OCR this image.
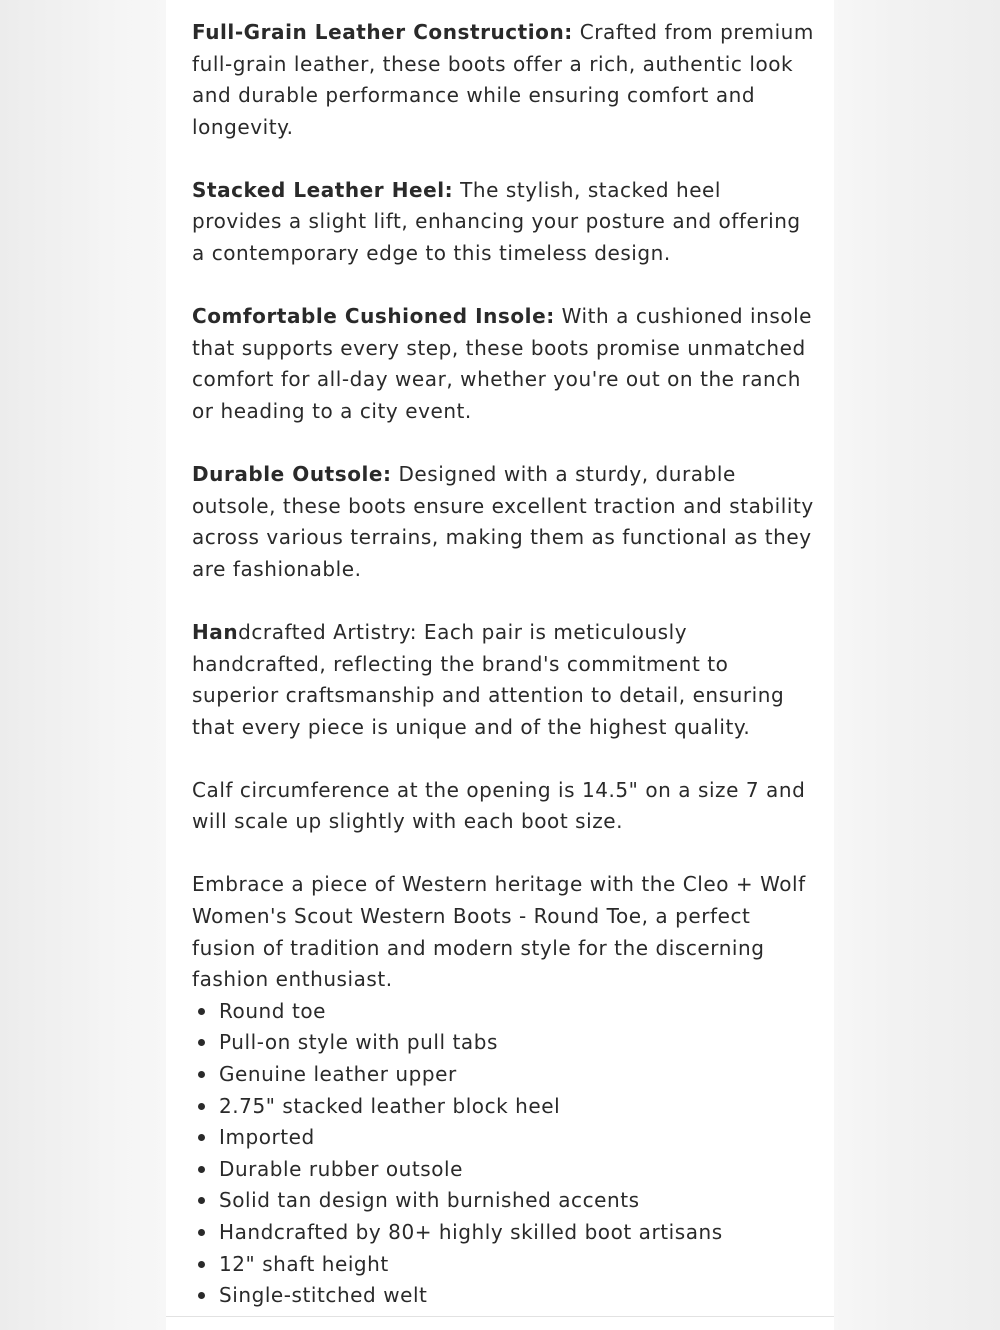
Full-Grain Leather Construction: Crafted from premium full-grain leather, these boots offer a rich, authentic look and durable performance while ensuring comfort and longevity.

Stacked Leather Heel: The stylish, stacked heel provides a slight lift, enhancing your posture and offering a contemporary edge to this timeless design.

Comfortable Cushioned Insole: With a cushioned insole that supports every step, these boots promise unmatched comfort for all-day wear, whether you're out on the ranch or heading to a city event.

Durable Outsole: Designed with a sturdy, durable outsole, these boots ensure excellent traction and stability across various terrains, making them as functional as they are fashionable.

Handcrafted Artistry: Each pair is meticulously handcrafted, reflecting the brand's commitment to superior craftsmanship and attention to detail, ensuring that every piece is unique and of the highest quality.

Calf circumference at the opening is 14.5" on a size 7 and will scale up slightly with each boot size.

Embrace a piece of Western heritage with the Cleo + Wolf Women's Scout Western Boots - Round Toe, a perfect fusion of tradition and modern style for the discerning fashion enthusiast.

Round toe
Pull-on style with pull tabs
Genuine leather upper
2.75" stacked leather block heel
Imported
Durable rubber outsole
Solid tan design with burnished accents
Handcrafted by 80+ highly skilled boot artisans
12" shaft height
Single-stitched welt
